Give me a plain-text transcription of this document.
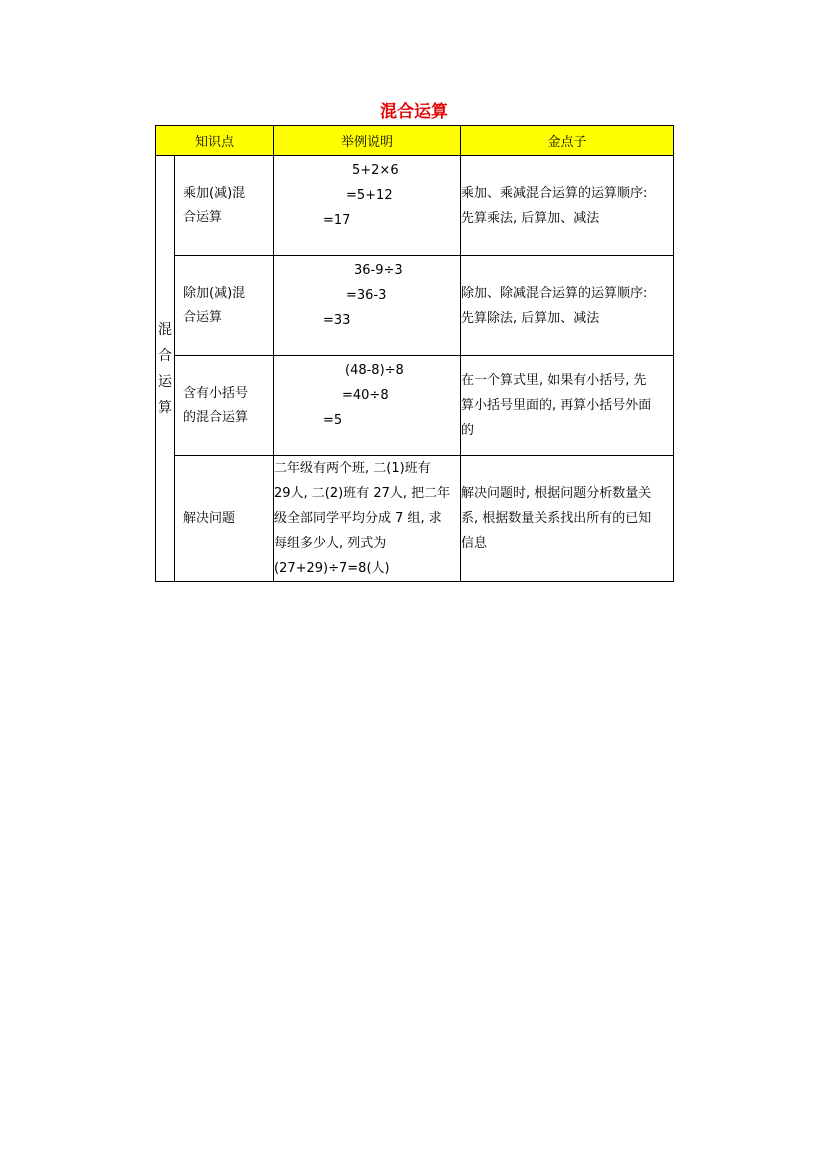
混合运算
知识点		举例说明	金点子

混
合
运
算	乘加(减)混
合运算	5+2×6
=5+12
=17	乘加、乘减混合运算的运算顺序:
先算乘法, 后算加、减法

	除加(减)混
合运算	36-9÷3
=36-3
=33	除加、除减混合运算的运算顺序:
先算除法, 后算加、减法

	含有小括号
的混合运算	(48-8)÷8
=40÷8
=5	在一个算式里, 如果有小括号, 先
算小括号里面的, 再算小括号外面
的

	解决问题	二年级有两个班, 二(1)班有
29人, 二(2)班有 27人, 把二年
级全部同学平均分成 7 组, 求
每组多少人, 列式为
(27+29)÷7=8(人)	解决问题时, 根据问题分析数量关
系, 根据数量关系找出所有的已知
信息
